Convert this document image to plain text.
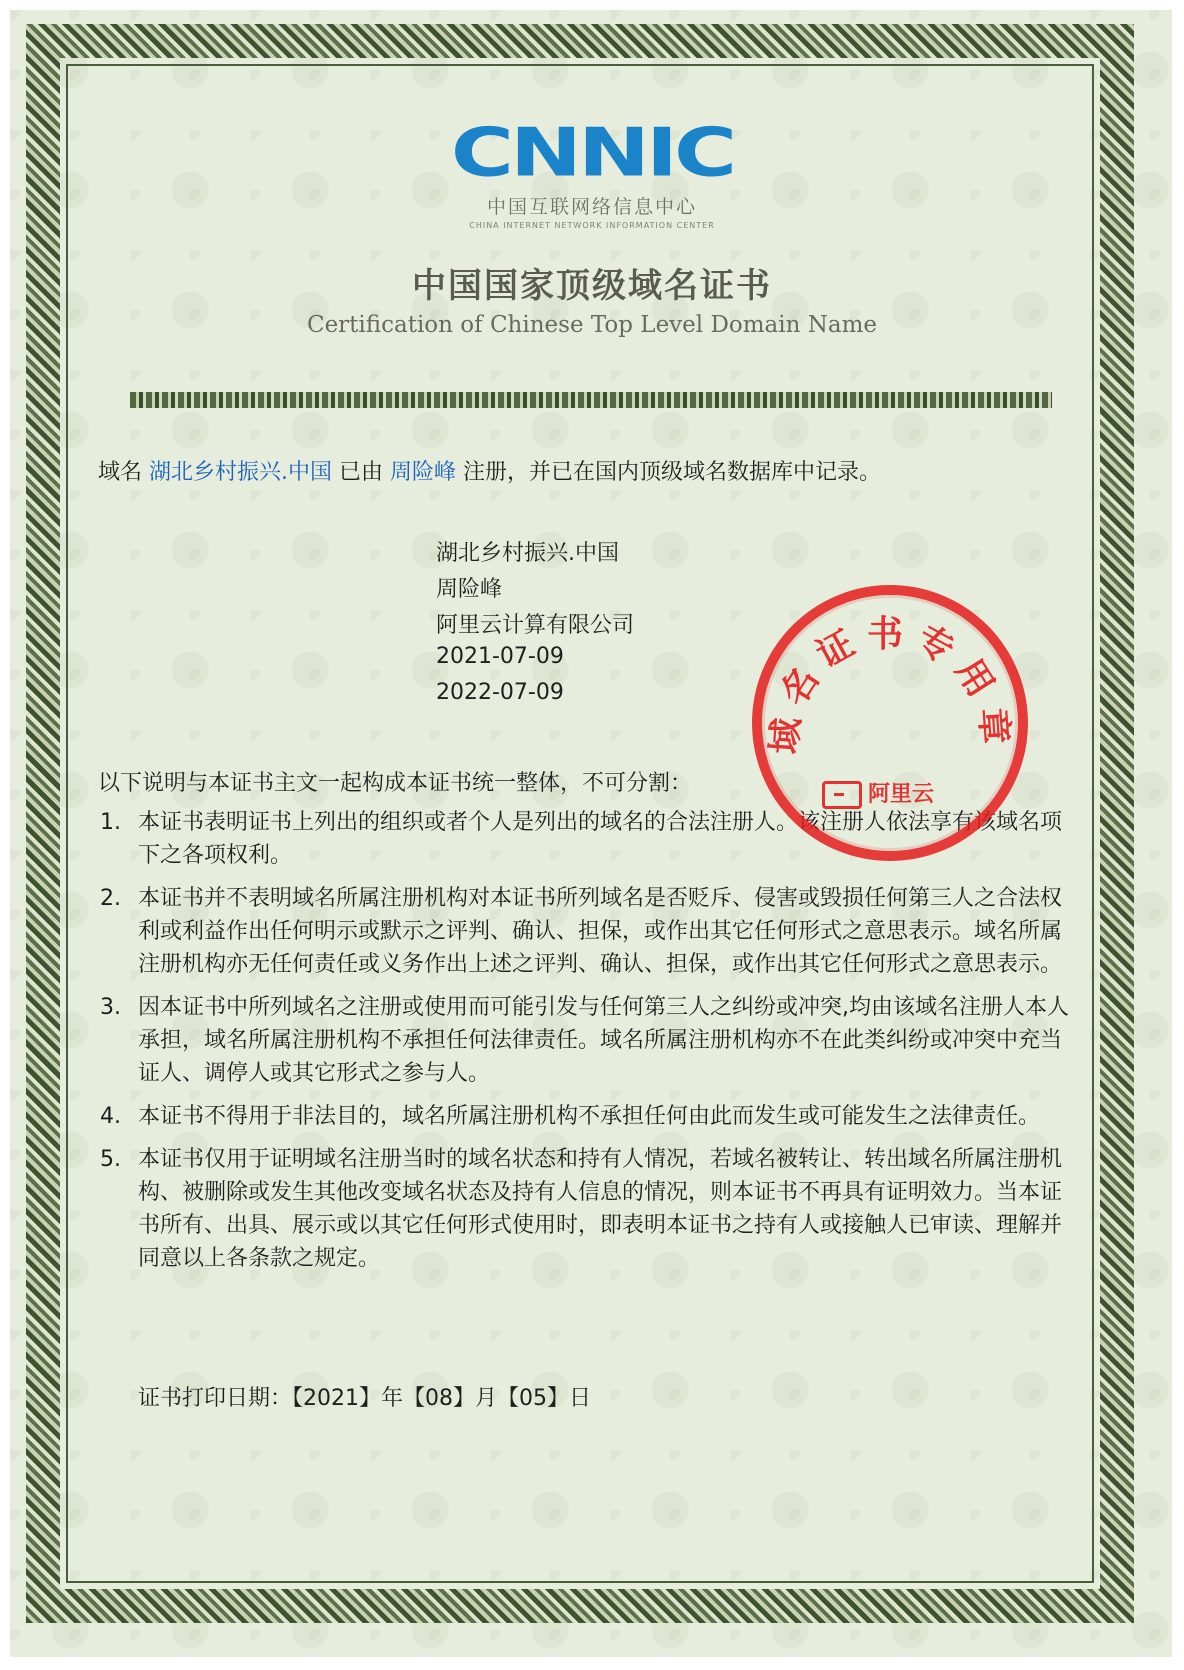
CNNIC
中国互联网络信息中心
CHINA INTERNET NETWORK INFORMATION CENTER
中国国家顶级域名证书
Certification of Chinese Top Level Domain Name
域名 湖北乡村振兴.中国 已由 周险峰 注册，并已在国内顶级域名数据库中记录。
湖北乡村振兴.中国
周险峰
阿里云计算有限公司
2021-07-09
2022-07-09
以下说明与本证书主文一起构成本证书统一整体，不可分割：
1. 本证书表明证书上列出的组织或者个人是列出的域名的合法注册人。该注册人依法享有该域名项下之各项权利。
2. 本证书并不表明域名所属注册机构对本证书所列域名是否贬斥、侵害或毁损任何第三人之合法权利或利益作出任何明示或默示之评判、确认、担保，或作出其它任何形式之意思表示。域名所属注册机构亦无任何责任或义务作出上述之评判、确认、担保，或作出其它任何形式之意思表示。
3. 因本证书中所列域名之注册或使用而可能引发与任何第三人之纠纷或冲突,均由该域名注册人本人承担，域名所属注册机构不承担任何法律责任。域名所属注册机构亦不在此类纠纷或冲突中充当证人、调停人或其它形式之参与人。
4. 本证书不得用于非法目的，域名所属注册机构不承担任何由此而发生或可能发生之法律责任。
5. 本证书仅用于证明域名注册当时的域名状态和持有人情况，若域名被转让、转出域名所属注册机构、被删除或发生其他改变域名状态及持有人信息的情况，则本证书不再具有证明效力。当本证书所有、出具、展示或以其它任何形式使用时，即表明本证书之持有人或接触人已审读、理解并同意以上各条款之规定。
证书打印日期：【2021】年【08】月【05】日
域名证书专用章
阿里云
